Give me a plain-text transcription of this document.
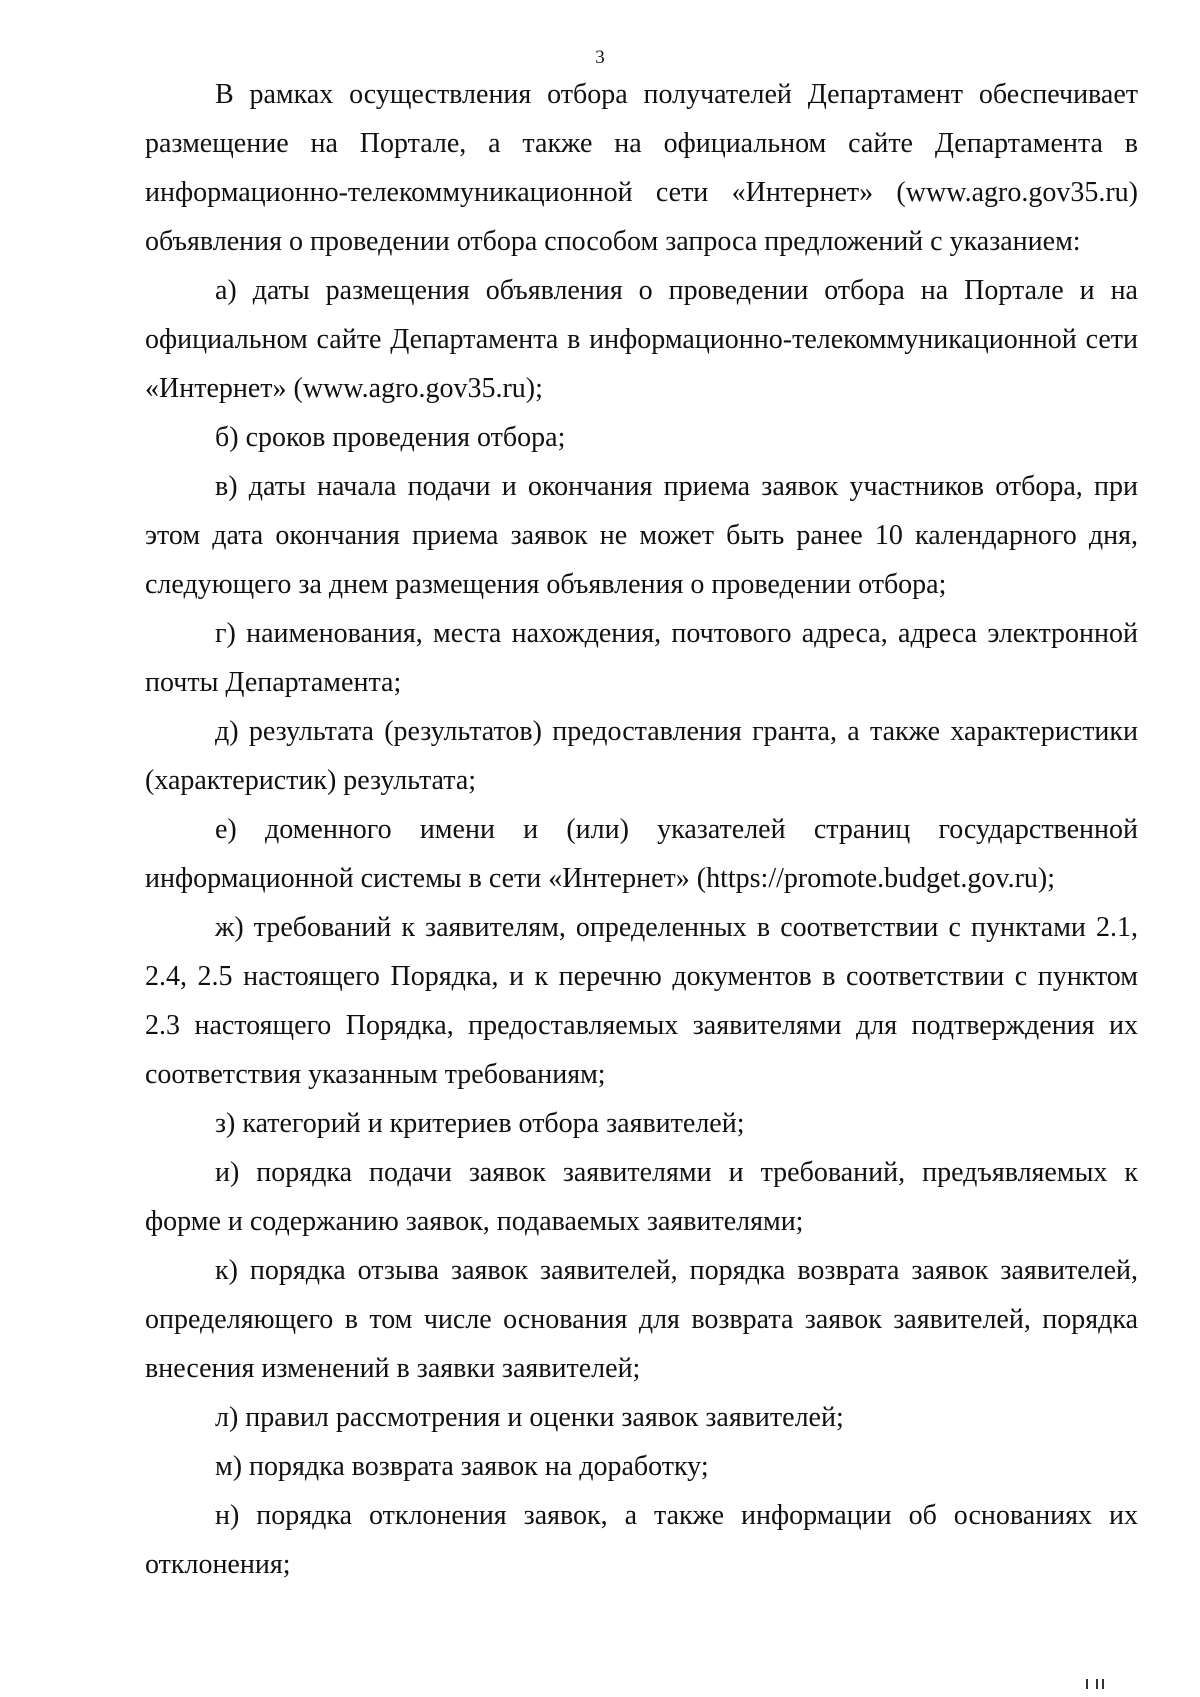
3

В рамках осуществления отбора получателей Департамент обеспечивает размещение на Портале, а также на официальном сайте Департамента в информационно-телекоммуникационной сети «Интернет» (www.agro.gov35.ru) объявления о проведении отбора способом запроса предложений с указанием:

а) даты размещения объявления о проведении отбора на Портале и на официальном сайте Департамента в информационно-телекоммуникационной сети «Интернет» (www.agro.gov35.ru);

б) сроков проведения отбора;

в) даты начала подачи и окончания приема заявок участников отбора, при этом дата окончания приема заявок не может быть ранее 10 календарного дня, следующего за днем размещения объявления о проведении отбора;

г) наименования, места нахождения, почтового адреса, адреса электронной почты Департамента;

д) результата (результатов) предоставления гранта, а также характеристики (характеристик) результата;

е) доменного имени и (или) указателей страниц государственной информационной системы в сети «Интернет» (https://promote.budget.gov.ru);

ж) требований к заявителям, определенных в соответствии с пунктами 2.1, 2.4, 2.5 настоящего Порядка, и к перечню документов в соответствии с пунктом 2.3 настоящего Порядка, предоставляемых заявителями для подтверждения их соответствия указанным требованиям;

з) категорий и критериев отбора заявителей;

и) порядка подачи заявок заявителями и требований, предъявляемых к форме и содержанию заявок, подаваемых заявителями;

к) порядка отзыва заявок заявителей, порядка возврата заявок заявителей, определяющего в том числе основания для возврата заявок заявителей, порядка внесения изменений в заявки заявителей;

л) правил рассмотрения и оценки заявок заявителей;

м) порядка возврата заявок на доработку;

н) порядка отклонения заявок, а также информации об основаниях их отклонения;
